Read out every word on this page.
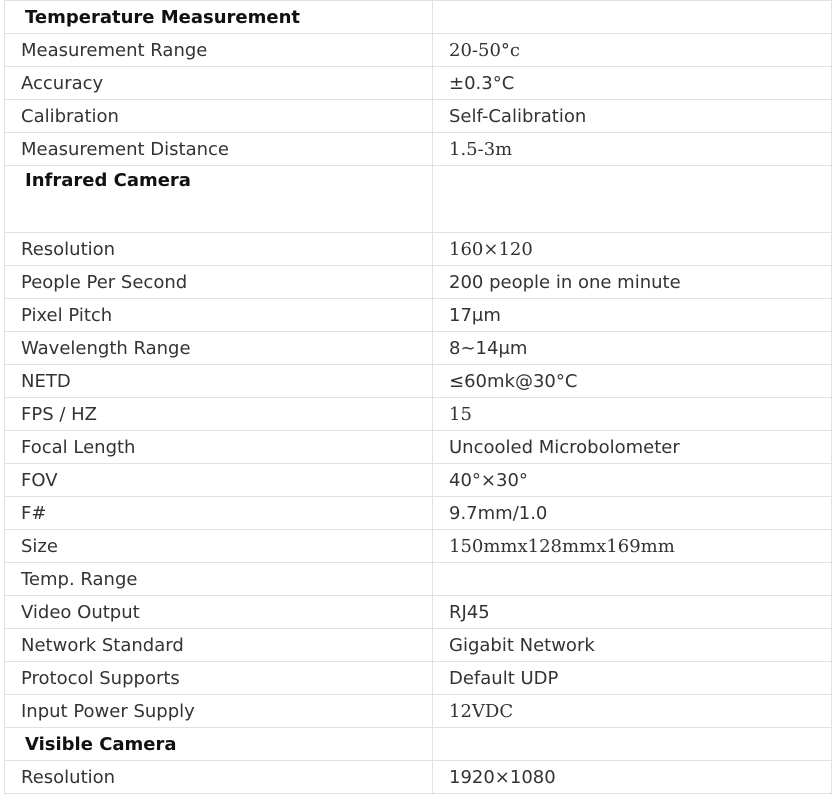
Temperature Measurement	
Measurement Range	20-50°c
Accuracy	±0.3°C
Calibration	Self-Calibration
Measurement Distance	1.5-3m
Infrared Camera	
Resolution	160×120
People Per Second	200 people in one minute
Pixel Pitch	17μm
Wavelength Range	8~14μm
NETD	≤60mk@30°C
FPS / HZ	15
Focal Length	Uncooled Microbolometer
FOV	40°×30°
F#	9.7mm/1.0
Size	150mmx128mmx169mm
Temp. Range	
Video Output	RJ45
Network Standard	Gigabit Network
Protocol Supports	Default UDP
Input Power Supply	12VDC
Visible Camera	
Resolution	1920×1080
